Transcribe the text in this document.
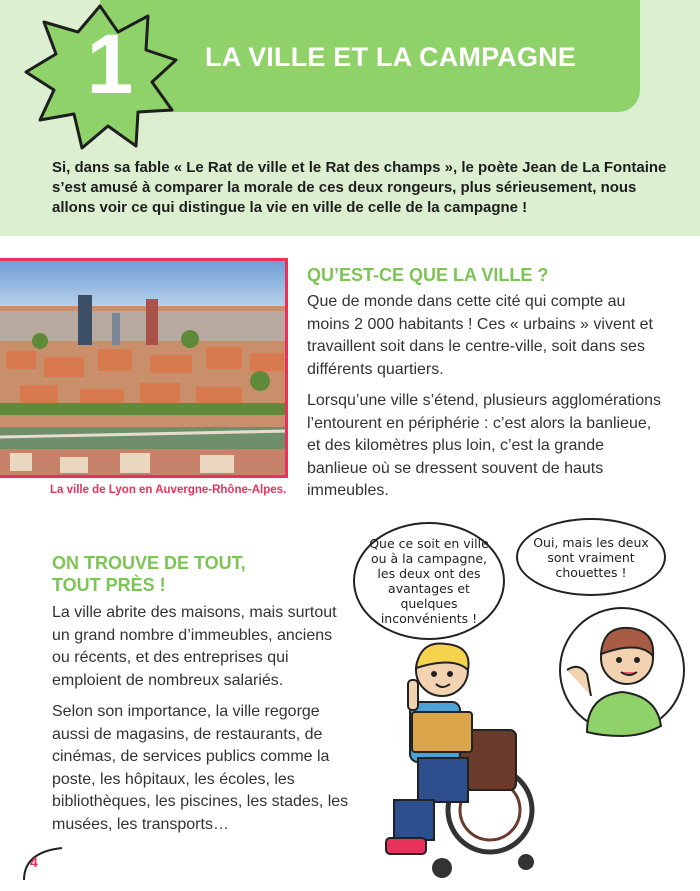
1	LA VILLE ET LA CAMPAGNE
Si, dans sa fable « Le Rat de ville et le Rat des champs », le poète Jean de La Fontaine s’est amusé à comparer la morale de ces deux rongeurs, plus sérieusement, nous allons voir ce qui distingue la vie en ville de celle de la campagne !
La ville de Lyon en Auvergne-Rhône-Alpes.
QU’EST-CE QUE LA VILLE ?

Que de monde dans cette cité qui compte au moins 2 000 habitants ! Ces « urbains » vivent et travaillent soit dans le centre-ville, soit dans ses différents quartiers.

Lorsqu’une ville s’étend, plusieurs agglomérations l’entourent en périphérie : c’est alors la banlieue, et des kilomètres plus loin, c’est la grande banlieue où se dressent souvent de hauts immeubles.

ON TROUVE DE TOUT,
TOUT PRÈS !

La ville abrite des maisons, mais surtout un grand nombre d’immeubles, anciens ou récents, et des entreprises qui emploient de nombreux salariés.

Selon son importance, la ville regorge aussi de magasins, de restaurants, de cinémas, de services publics comme la poste, les hôpitaux, les écoles, les bibliothèques, les piscines, les stades, les musées, les transports…

Que ce soit en ville ou à la campagne, les deux ont des avantages et quelques inconvénients !
Oui, mais les deux sont vraiment chouettes !
4
